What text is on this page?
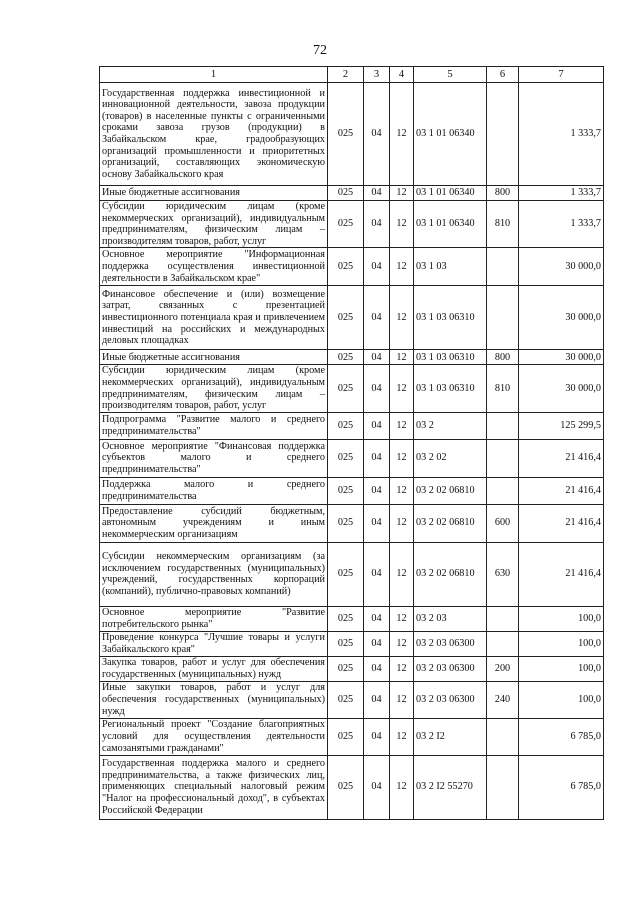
72
1	2	3	4	5	6	7
Государственная поддержка инвестиционной и инновационной деятельности, завоза продукции (товаров) в населенные пункты с ограниченными сроками завоза грузов (продукции) в Забайкальском крае, градообразующих организаций промышленности и приоритетных организаций, составляющих экономическую основу Забайкальского края	025	04	12	03 1 01 06340		1 333,7
Иные бюджетные ассигнования	025	04	12	03 1 01 06340	800	1 333,7
Субсидии юридическим лицам (кроме некоммерческих организаций), индивидуальным предпринимателям, физическим лицам – производителям товаров, работ, услуг	025	04	12	03 1 01 06340	810	1 333,7
Основное мероприятие "Информационная поддержка осуществления инвестиционной деятельности в Забайкальском крае"	025	04	12	03 1 03		30 000,0
Финансовое обеспечение и (или) возмещение затрат, связанных с презентацией инвестиционного потенциала края и привлечением инвестиций на российских и международных деловых площадках	025	04	12	03 1 03 06310		30 000,0
Иные бюджетные ассигнования	025	04	12	03 1 03 06310	800	30 000,0
Субсидии юридическим лицам (кроме некоммерческих организаций), индивидуальным предпринимателям, физическим лицам – производителям товаров, работ, услуг	025	04	12	03 1 03 06310	810	30 000,0
Подпрограмма "Развитие малого и среднего предпринимательства"	025	04	12	03 2		125 299,5
Основное мероприятие "Финансовая поддержка субъектов малого и среднего предпринимательства"	025	04	12	03 2 02		21 416,4
Поддержка малого и среднего предпринимательства	025	04	12	03 2 02 06810		21 416,4
Предоставление субсидий бюджетным, автономным учреждениям и иным некоммерческим организациям	025	04	12	03 2 02 06810	600	21 416,4
Субсидии некоммерческим организациям (за исключением государственных (муниципальных) учреждений, государственных корпораций (компаний), публично-правовых компаний)	025	04	12	03 2 02 06810	630	21 416,4
Основное мероприятие "Развитие потребительского рынка"	025	04	12	03 2 03		100,0
Проведение конкурса "Лучшие товары и услуги Забайкальского края"	025	04	12	03 2 03 06300		100,0
Закупка товаров, работ и услуг для обеспечения государственных (муниципальных) нужд	025	04	12	03 2 03 06300	200	100,0
Иные закупки товаров, работ и услуг для обеспечения государственных (муниципальных) нужд	025	04	12	03 2 03 06300	240	100,0
Региональный проект "Создание благоприятных условий для осуществления деятельности самозанятыми гражданами"	025	04	12	03 2 I2		6 785,0
Государственная поддержка малого и среднего предпринимательства, а также физических лиц, применяющих специальный налоговый режим "Налог на профессиональный доход", в субъектах Российской Федерации	025	04	12	03 2 I2 55270		6 785,0
